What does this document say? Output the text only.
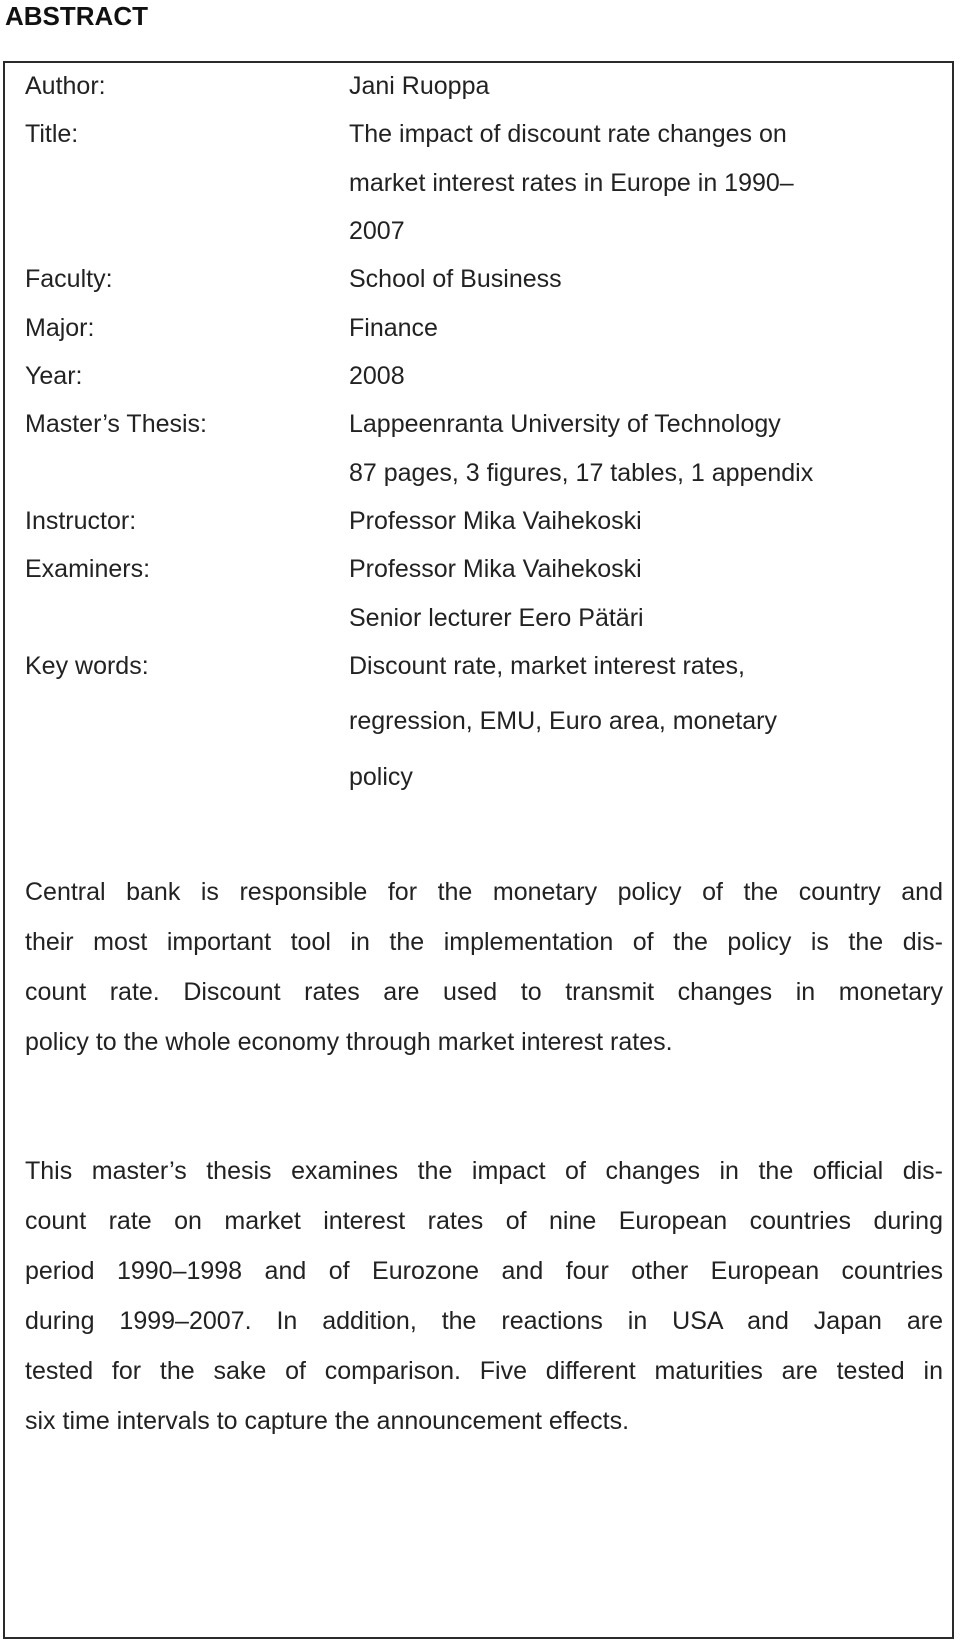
ABSTRACT
Author:	Jani Ruoppa
Title:	The impact of discount rate changes on
market interest rates in Europe in 1990–
2007
Faculty:	School of Business
Major:	Finance
Year:	2008
Master’s Thesis:	Lappeenranta University of Technology
87 pages, 3 figures, 17 tables, 1 appendix
Instructor:	Professor Mika Vaihekoski
Examiners:	Professor Mika Vaihekoski
Senior lecturer Eero Pätäri
Key words:	Discount rate, market interest rates,
regression, EMU, Euro area, monetary
policy
Central bank is responsible for the monetary policy of the country and
their most important tool in the implementation of the policy is the dis-
count rate. Discount rates are used to transmit changes in monetary
policy to the whole economy through market interest rates.
This master’s thesis examines the impact of changes in the official dis-
count rate on market interest rates of nine European countries during
period 1990–1998 and of Eurozone and four other European countries
during 1999–2007. In addition, the reactions in USA and Japan are
tested for the sake of comparison. Five different maturities are tested in
six time intervals to capture the announcement effects.
